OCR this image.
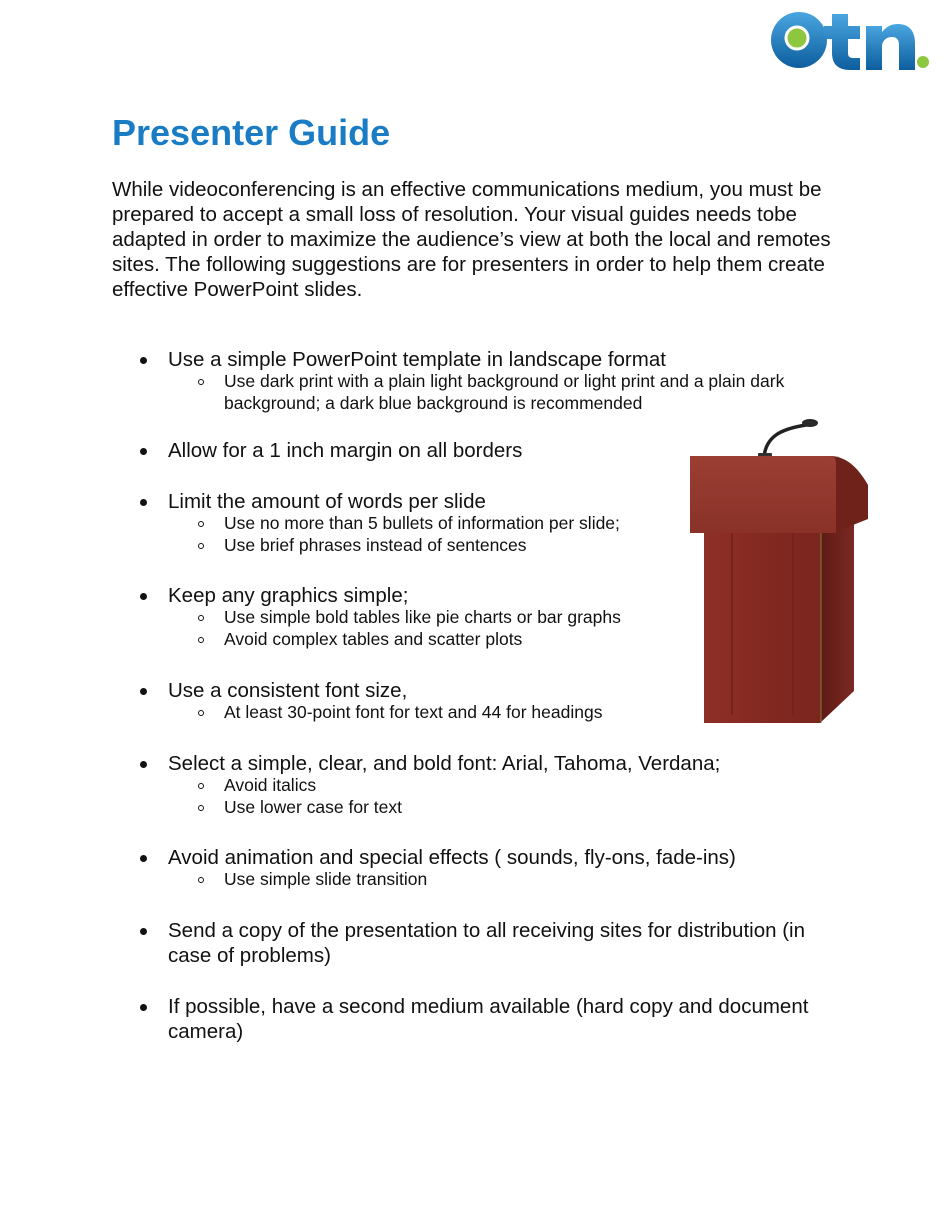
Presenter Guide

While videoconferencing is an effective communications medium, you must be prepared to accept a small loss of resolution. Your visual guides needs tobe adapted in order to maximize the audience’s view at both the local and remotes sites. The following suggestions are for presenters in order to help them create effective PowerPoint slides.

Use a simple PowerPoint template in landscape format
Use dark print with a plain light background or light print and a plain dark background; a dark blue background is recommended
Allow for a 1 inch margin on all borders
Limit the amount of words per slide
Use no more than 5 bullets of information per slide;
Use brief phrases instead of sentences
Keep any graphics simple;
Use simple bold tables like pie charts or bar graphs
Avoid complex tables and scatter plots
Use a consistent font size,
At least 30-point font for text and 44 for headings
Select a simple, clear, and bold font: Arial, Tahoma, Verdana;
Avoid italics
Use lower case for text
Avoid animation and special effects ( sounds, fly-ons, fade-ins)
Use simple slide transition
Send a copy of the presentation to all receiving sites for distribution (in case of problems)
If possible, have a second medium available (hard copy and document camera)
